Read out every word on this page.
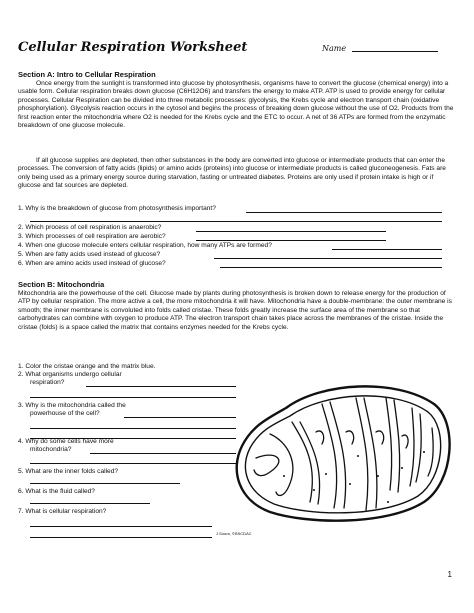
Cellular Respiration Worksheet	Name
Section A: Intro to Cellular Respiration
Once energy from the sunlight is transformed into glucose by photosynthesis, organisms have to convert the glucose (chemical energy) into a usable form. Cellular respiration breaks down glucose (C6H12O6) and transfers the energy to make ATP. ATP is used to provide energy for cellular processes. Cellular Respiration can be divided into three metabolic processes: glycolysis, the Krebs cycle and electron transport chain (oxidative phosphorylation). Glycolysis reaction occurs in the cytosol and begins the process of breaking down glucose without the use of O2. Products from the first reaction enter the mitochondria where O2 is needed for the Krebs cycle and the ETC to occur. A net of 36 ATPs are formed from the enzymatic breakdown of one glucose molecule.
If all glucose supplies are depleted, then other substances in the body are converted into glucose or intermediate products that can enter the processes. The conversion of fatty acids (lipids) or amino acids (proteins) into glucose or intermediate products is called gluconeogenesis. Fats are only being used as a primary energy source during starvation, fasting or untreated diabetes. Proteins are only used if protein intake is high or if glucose and fat sources are depleted.
1. Why is the breakdown of glucose from photosynthesis important?
2. Which process of cell respiration is anaerobic?
3. Which processes of cell respiration are aerobic?
4. When one glucose molecule enters cellular respiration, how many ATPs are formed?
5. When are fatty acids used instead of glucose?
6. When are amino acids used instead of glucose?
Section B: Mitochondria
Mitochondria are the powerhouse of the cell. Glucose made by plants during photosynthesis is broken down to release energy for the production of ATP by cellular respiration. The more active a cell, the more mitochondria it will have. Mitochondria have a double-membrane: the outer membrane is smooth; the inner membrane is convoluted into folds called cristae. These folds greatly increase the surface area of the membrane so that carbohydrates can combine with oxygen to produce ATP. The electron transport chain takes place across the membranes of the cristae. Inside the cristae (folds) is a space called the matrix that contains enzymes needed for the Krebs cycle.
1. Color the cristae orange and the matrix blue.
2. What organisms undergo cellular
respiration?
3. Why is the mitochondria called the
powerhouse of the cell?
4. Why do some cells have more
mitochondria?
5. What are the inner folds called?
6. What is the fluid called?
7. What is cellular respiration?
J.Soura, ©BSCDAC
1
